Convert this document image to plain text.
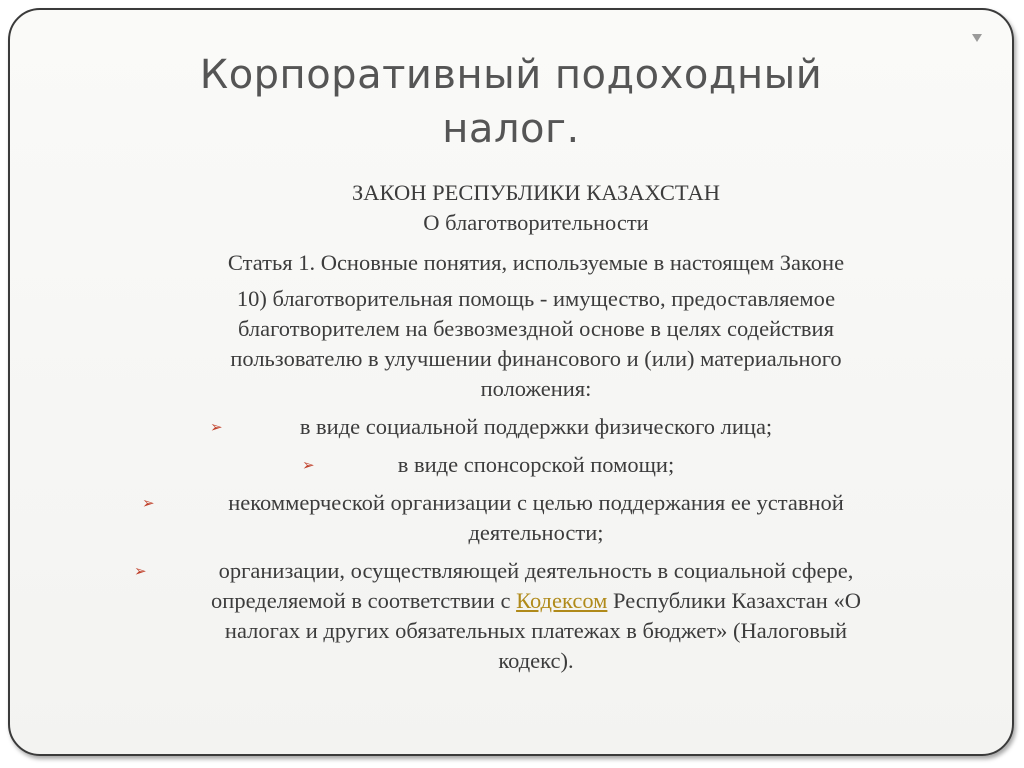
Корпоративный подоходный
налог.

ЗАКОН РЕСПУБЛИКИ КАЗАХСТАН

О благотворительности

Статья 1. Основные понятия, используемые в настоящем Законе

10) благотворительная помощь - имущество, предоставляемое

благотворителем на безвозмездной основе в целях содействия

пользователю в улучшении финансового и (или) материального

положения:

➢	в виде социальной поддержки физического лица;
➢	в виде спонсорской помощи;
➢	некоммерческой организации с целью поддержания ее уставной

деятельности;

➢	организации, осуществляющей деятельность в социальной сфере,

определяемой в соответствии с Кодексом Республики Казахстан «О

налогах и других обязательных платежах в бюджет» (Налоговый

кодекс).
